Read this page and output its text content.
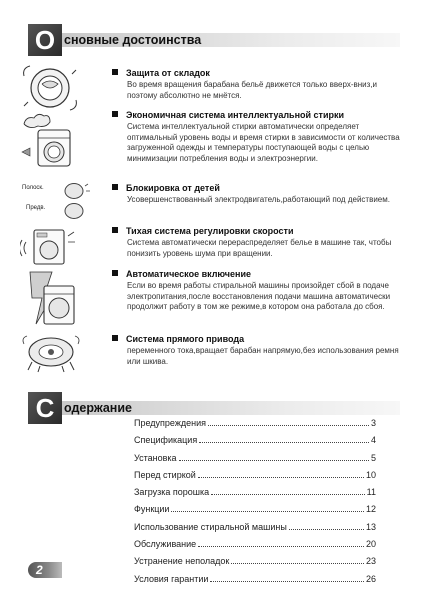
О сновные достоинства
Полоск.
Предв.
Защита от складок
Во время вращения барабана бельё движется только вверх-вниз,и поэтому абсолютно не мнётся.
Экономичная система интеллектуальной стирки
Система интеллектуальной стирки автоматически определяет оптимальный уровень воды и время стирки в зависимости от количества загруженной одежды и температуры поступающей воды с целью минимизации потребления воды и электроэнергии.
Блокировка от детей
Усовершенствованный электродвигатель,работающий под действием.
Тихая система регулировки скорости
Система автоматически перераспределяет белье в машине так, чтобы понизить уровень шума при вращении.
Автоматическое включение
Если во время работы стиральной машины произойдет сбой в подаче электропитания,после восстановления подачи машина автоматически продолжит работу в том же режиме,в котором она работала до сбоя.
Система прямого привода
переменного тока,вращает барабан напрямую,без использования ремня или шкива.
С одержание
Предупреждения	3
Спецификация	4
Установка	5
Перед стиркой	10
Загрузка порошка	11
Функции	12
Использование стиральной машины	13
Обслуживание	20
Устранение неполадок	23
Условия гарантии	26
2
